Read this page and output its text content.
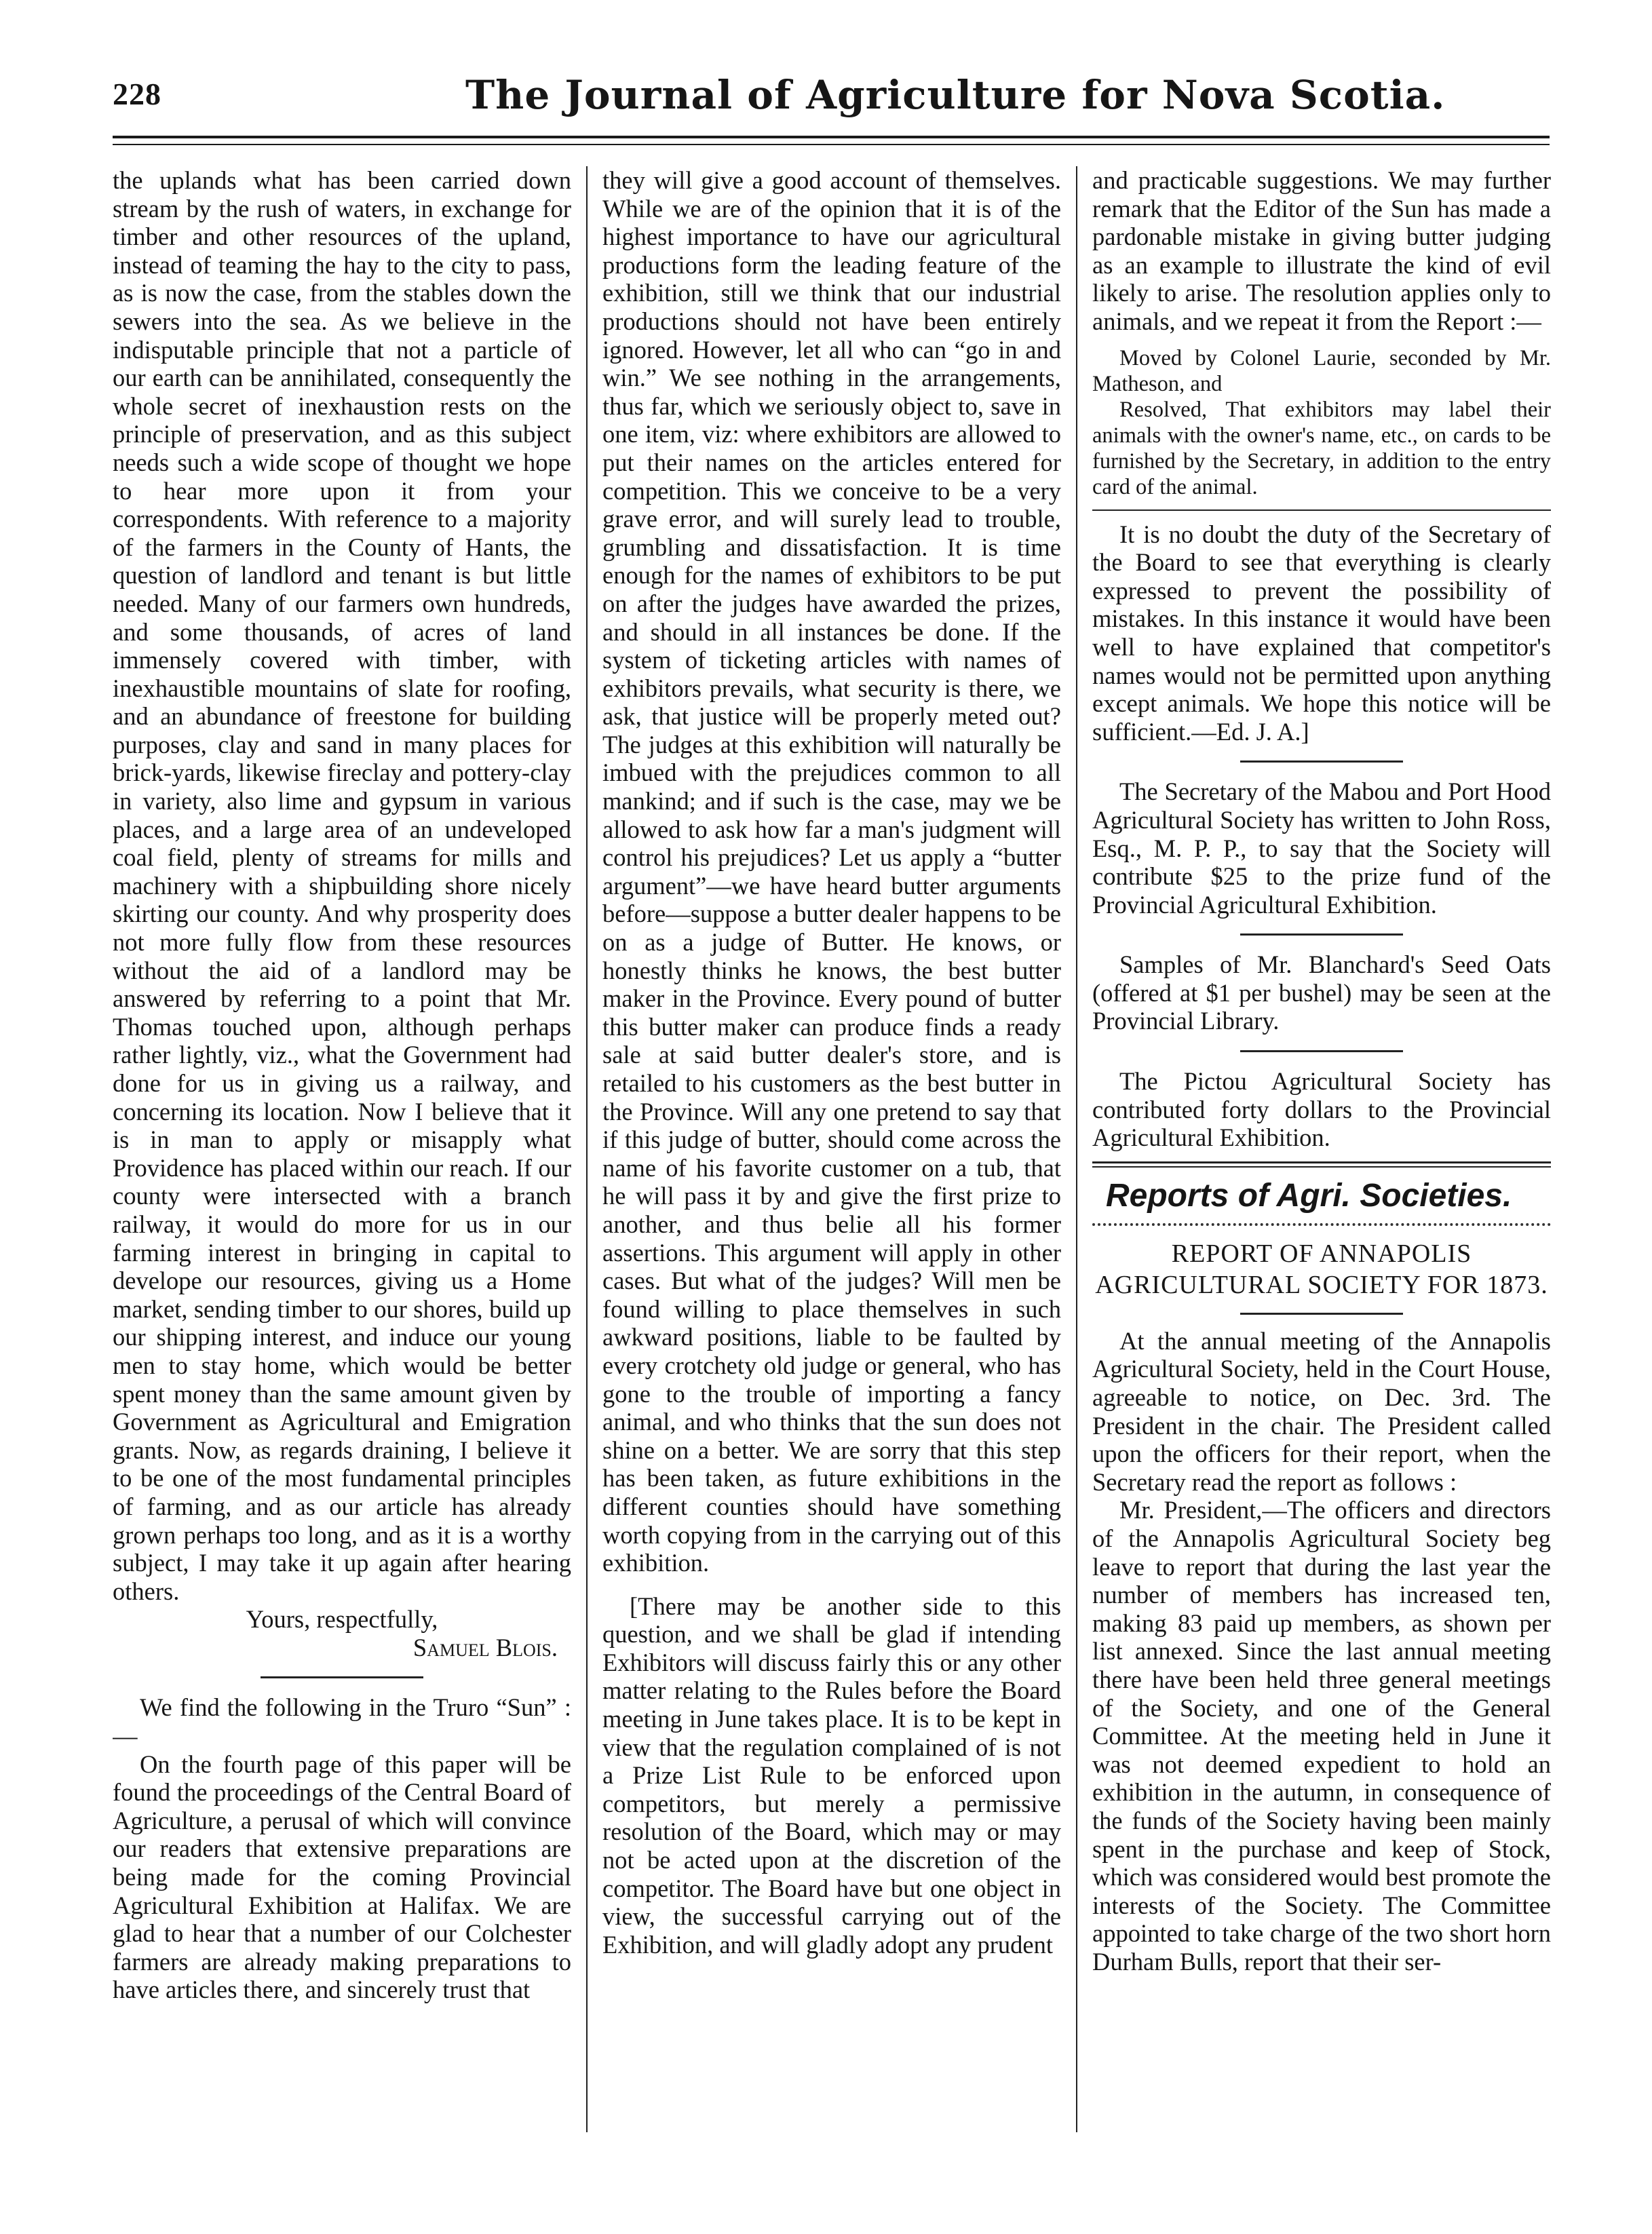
228	The Journal of Agriculture for Nova Scotia.

the uplands what has been carried down stream by the rush of waters, in exchange for timber and other resources of the upland, instead of teaming the hay to the city to pass, as is now the case, from the stables down the sewers into the sea. As we believe in the indisputable principle that not a particle of our earth can be annihilated, consequently the whole secret of inexhaustion rests on the principle of preservation, and as this subject needs such a wide scope of thought we hope to hear more upon it from your correspondents. With reference to a majority of the farmers in the County of Hants, the question of landlord and tenant is but little needed. Many of our farmers own hundreds, and some thousands, of acres of land immensely covered with timber, with inexhaustible mountains of slate for roofing, and an abundance of freestone for building purposes, clay and sand in many places for brick-yards, likewise fireclay and pottery-clay in variety, also lime and gypsum in various places, and a large area of an undeveloped coal field, plenty of streams for mills and machinery with a shipbuilding shore nicely skirting our county. And why prosperity does not more fully flow from these resources without the aid of a landlord may be answered by referring to a point that Mr. Thomas touched upon, although perhaps rather lightly, viz., what the Government had done for us in giving us a railway, and concerning its location. Now I believe that it is in man to apply or misapply what Providence has placed within our reach. If our county were intersected with a branch railway, it would do more for us in our farming interest in bringing in capital to develope our resources, giving us a Home market, sending timber to our shores, build up our shipping interest, and induce our young men to stay home, which would be better spent money than the same amount given by Government as Agricultural and Emigration grants. Now, as regards draining, I believe it to be one of the most fundamental principles of farming, and as our article has already grown perhaps too long, and as it is a worthy subject, I may take it up again after hearing others.

Yours, respectfully,

Samuel Blois.

We find the following in the Truro “Sun” :—

On the fourth page of this paper will be found the proceedings of the Central Board of Agriculture, a perusal of which will convince our readers that extensive preparations are being made for the coming Provincial Agricultural Exhibition at Halifax. We are glad to hear that a number of our Colchester farmers are already making preparations to have articles there, and sincerely trust that

they will give a good account of themselves. While we are of the opinion that it is of the highest importance to have our agricultural productions form the leading feature of the exhibition, still we think that our industrial productions should not have been entirely ignored. However, let all who can “go in and win.” We see nothing in the arrangements, thus far, which we seriously object to, save in one item, viz: where exhibitors are allowed to put their names on the articles entered for competition. This we conceive to be a very grave error, and will surely lead to trouble, grumbling and dissatisfaction. It is time enough for the names of exhibitors to be put on after the judges have awarded the prizes, and should in all instances be done. If the system of ticketing articles with names of exhibitors prevails, what security is there, we ask, that justice will be properly meted out? The judges at this exhibition will naturally be imbued with the prejudices common to all mankind; and if such is the case, may we be allowed to ask how far a man's judgment will control his prejudices? Let us apply a “butter argument”—we have heard butter arguments before—suppose a butter dealer happens to be on as a judge of Butter. He knows, or honestly thinks he knows, the best butter maker in the Province. Every pound of butter this butter maker can produce finds a ready sale at said butter dealer's store, and is retailed to his customers as the best butter in the Province. Will any one pretend to say that if this judge of butter, should come across the name of his favorite customer on a tub, that he will pass it by and give the first prize to another, and thus belie all his former assertions. This argument will apply in other cases. But what of the judges? Will men be found willing to place themselves in such awkward positions, liable to be faulted by every crotchety old judge or general, who has gone to the trouble of importing a fancy animal, and who thinks that the sun does not shine on a better. We are sorry that this step has been taken, as future exhibitions in the different counties should have something worth copying from in the carrying out of this exhibition.

[There may be another side to this question, and we shall be glad if intending Exhibitors will discuss fairly this or any other matter relating to the Rules before the Board meeting in June takes place. It is to be kept in view that the regulation complained of is not a Prize List Rule to be enforced upon competitors, but merely a permissive resolution of the Board, which may or may not be acted upon at the discretion of the competitor. The Board have but one object in view, the successful carrying out of the Exhibition, and will gladly adopt any prudent

and practicable suggestions. We may further remark that the Editor of the Sun has made a pardonable mistake in giving butter judging as an example to illustrate the kind of evil likely to arise. The resolution applies only to animals, and we repeat it from the Report :—

Moved by Colonel Laurie, seconded by Mr. Matheson, and

Resolved, That exhibitors may label their animals with the owner's name, etc., on cards to be furnished by the Secretary, in addition to the entry card of the animal.

It is no doubt the duty of the Secretary of the Board to see that everything is clearly expressed to prevent the possibility of mistakes. In this instance it would have been well to have explained that competitor's names would not be permitted upon anything except animals. We hope this notice will be sufficient.—Ed. J. A.]

The Secretary of the Mabou and Port Hood Agricultural Society has written to John Ross, Esq., M. P. P., to say that the Society will contribute $25 to the prize fund of the Provincial Agricultural Exhibition.

Samples of Mr. Blanchard's Seed Oats (offered at $1 per bushel) may be seen at the Provincial Library.

The Pictou Agricultural Society has contributed forty dollars to the Provincial Agricultural Exhibition.

Reports of Agri. Societies.
REPORT OF ANNAPOLIS AGRICULTURAL SOCIETY FOR 1873.

At the annual meeting of the Annapolis Agricultural Society, held in the Court House, agreeable to notice, on Dec. 3rd. The President in the chair. The President called upon the officers for their report, when the Secretary read the report as follows :

Mr. President,—The officers and directors of the Annapolis Agricultural Society beg leave to report that during the last year the number of members has increased ten, making 83 paid up members, as shown per list annexed. Since the last annual meeting there have been held three general meetings of the Society, and one of the General Committee. At the meeting held in June it was not deemed expedient to hold an exhibition in the autumn, in consequence of the funds of the Society having been mainly spent in the purchase and keep of Stock, which was considered would best promote the interests of the Society. The Committee appointed to take charge of the two short horn Durham Bulls, report that their ser-
